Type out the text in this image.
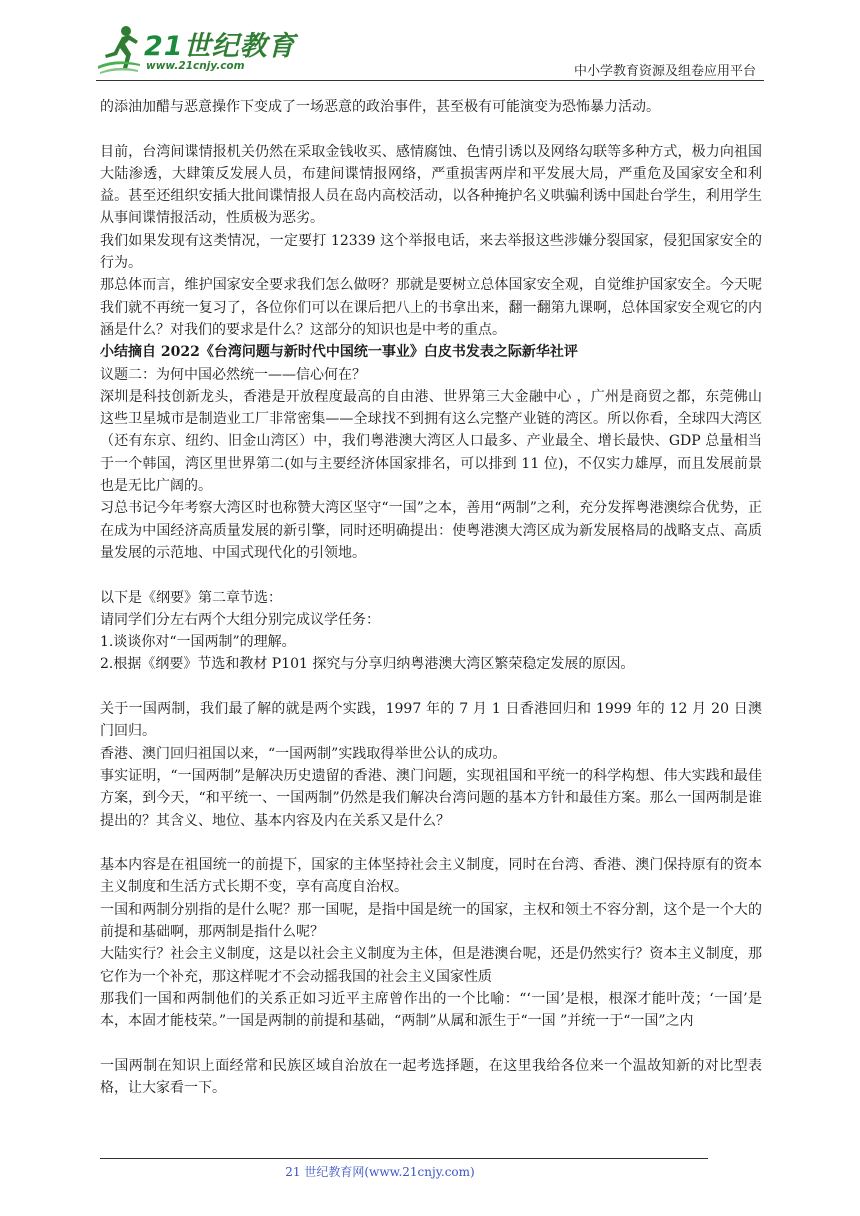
21世纪教育
www.21cnjy.com	中小学教育资源及组卷应用平台

的添油加醋与恶意操作下变成了一场恶意的政治事件，甚至极有可能演变为恐怖暴力活动。

目前，台湾间谍情报机关仍然在采取金钱收买、感情腐蚀、色情引诱以及网络勾联等多种方式，极力向祖国大陆渗透，大肆策反发展人员，布建间谍情报网络，严重损害两岸和平发展大局，严重危及国家安全和利益。甚至还组织安插大批间谍情报人员在岛内高校活动，以各种掩护名义哄骗利诱中国赴台学生，利用学生从事间谍情报活动，性质极为恶劣。

我们如果发现有这类情况，一定要打 12339 这个举报电话，来去举报这些涉嫌分裂国家，侵犯国家安全的行为。

那总体而言，维护国家安全要求我们怎么做呀？那就是要树立总体国家安全观，自觉维护国家安全。今天呢我们就不再统一复习了，各位你们可以在课后把八上的书拿出来，翻一翻第九课啊，总体国家安全观它的内涵是什么？对我们的要求是什么？这部分的知识也是中考的重点。

小结摘自 2022《台湾问题与新时代中国统一事业》白皮书发表之际新华社评

议题二：为何中国必然统一——信心何在？

深圳是科技创新龙头，香港是开放程度最高的自由港、世界第三大金融中心 ，广州是商贸之都，东莞佛山这些卫星城市是制造业工厂非常密集——全球找不到拥有这么完整产业链的湾区。所以你看，全球四大湾区（还有东京、纽约、旧金山湾区）中，我们粤港澳大湾区人口最多、产业最全、增长最快、GDP 总量相当于一个韩国，湾区里世界第二(如与主要经济体国家排名，可以排到 11 位)，不仅实力雄厚，而且发展前景也是无比广阔的。

习总书记今年考察大湾区时也称赞大湾区坚守“一国”之本，善用“两制”之利，充分发挥粤港澳综合优势，正在成为中国经济高质量发展的新引擎，同时还明确提出：使粤港澳大湾区成为新发展格局的战略支点、高质量发展的示范地、中国式现代化的引领地。

以下是《纲要》第二章节选：

请同学们分左右两个大组分别完成议学任务：

1.谈谈你对“一国两制”的理解。

2.根据《纲要》节选和教材 P101 探究与分享归纳粤港澳大湾区繁荣稳定发展的原因。

关于一国两制，我们最了解的就是两个实践，1997 年的 7 月 1 日香港回归和 1999 年的 12 月 20 日澳门回归。

香港、澳门回归祖国以来，“一国两制”实践取得举世公认的成功。

事实证明，“一国两制”是解决历史遗留的香港、澳门问题，实现祖国和平统一的科学构想、伟大实践和最佳方案，到今天，“和平统一、一国两制”仍然是我们解决台湾问题的基本方针和最佳方案。那么一国两制是谁提出的？其含义、地位、基本内容及内在关系又是什么？

基本内容是在祖国统一的前提下，国家的主体坚持社会主义制度，同时在台湾、香港、澳门保持原有的资本主义制度和生活方式长期不变，享有高度自治权。

一国和两制分别指的是什么呢？那一国呢，是指中国是统一的国家，主权和领土不容分割，这个是一个大的前提和基础啊，那两制是指什么呢？

大陆实行？社会主义制度，这是以社会主义制度为主体，但是港澳台呢，还是仍然实行？资本主义制度，那它作为一个补充，那这样呢才不会动摇我国的社会主义国家性质

那我们一国和两制他们的关系正如习近平主席曾作出的一个比喻：“‘一国’是根，根深才能叶茂；‘一国’是本，本固才能枝荣。”一国是两制的前提和基础，“两制”从属和派生于“一国 ”并统一于“一国”之内

一国两制在知识上面经常和民族区域自治放在一起考选择题，在这里我给各位来一个温故知新的对比型表格，让大家看一下。

21 世纪教育网(www.21cnjy.com)
